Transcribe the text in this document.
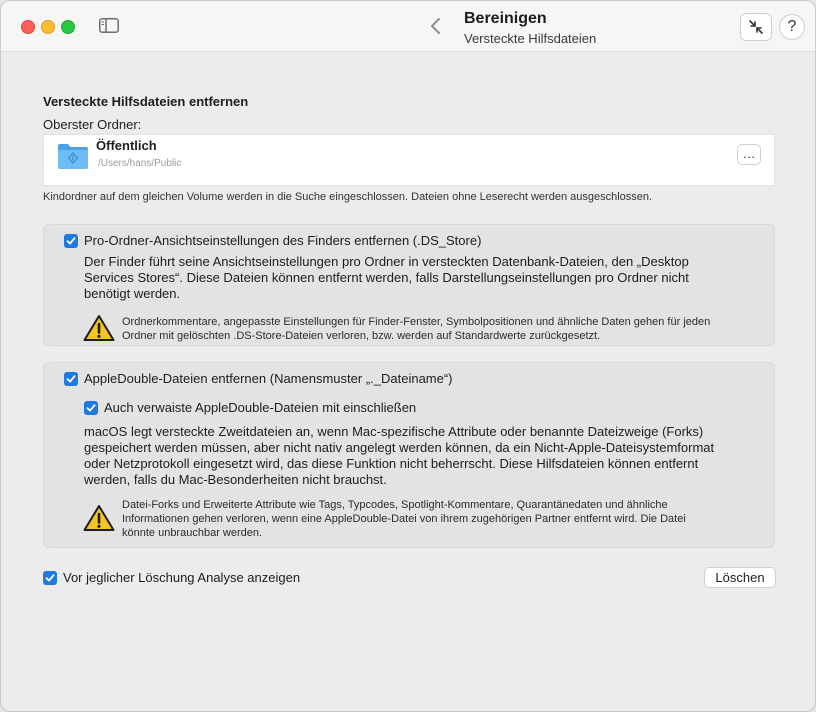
Bereinigen
Versteckte Hilfsdateien
?
Versteckte Hilfsdateien entfernen
Oberster Ordner:
Öffentlich
/Users/hans/Public
…
Kindordner auf dem gleichen Volume werden in die Suche eingeschlossen. Dateien ohne Leserecht werden ausgeschlossen.
Pro-Ordner-Ansichtseinstellungen des Finders entfernen (.DS_Store)
Der Finder führt seine Ansichtseinstellungen pro Ordner in versteckten Datenbank-Dateien, den „Desktop
Services Stores“. Diese Dateien können entfernt werden, falls Darstellungseinstellungen pro Ordner nicht
benötigt werden.
Ordnerkommentare, angepasste Einstellungen für Finder-Fenster, Symbolpositionen und ähnliche Daten gehen für jeden
Ordner mit gelöschten .DS-Store-Dateien verloren, bzw. werden auf Standardwerte zurückgesetzt.
AppleDouble-Dateien entfernen (Namensmuster „._Dateiname“)
Auch verwaiste AppleDouble-Dateien mit einschließen
macOS legt versteckte Zweitdateien an, wenn Mac-spezifische Attribute oder benannte Dateizweige (Forks)
gespeichert werden müssen, aber nicht nativ angelegt werden können, da ein Nicht-Apple-Dateisystemformat
oder Netzprotokoll eingesetzt wird, das diese Funktion nicht beherrscht. Diese Hilfsdateien können entfernt
werden, falls du Mac-Besonderheiten nicht brauchst.
Datei-Forks und Erweiterte Attribute wie Tags, Typcodes, Spotlight-Kommentare, Quarantänedaten und ähnliche
Informationen gehen verloren, wenn eine AppleDouble-Datei von ihrem zugehörigen Partner entfernt wird. Die Datei
könnte unbrauchbar werden.
Vor jeglicher Löschung Analyse anzeigen	Löschen
